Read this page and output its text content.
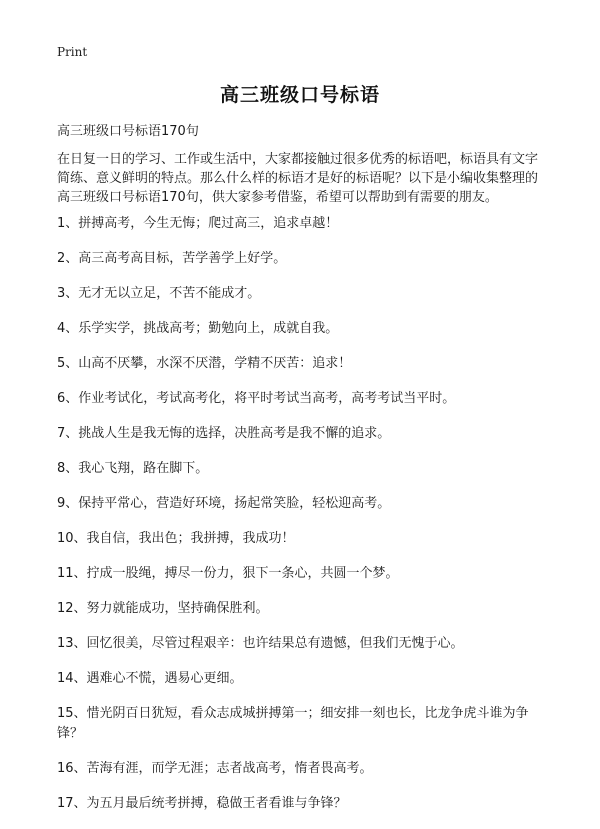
Print
高三班级口号标语
高三班级口号标语170句
在日复一日的学习、工作或生活中，大家都接触过很多优秀的标语吧，标语具有文字简练、意义鲜明的特点。那么什么样的标语才是好的标语呢？以下是小编收集整理的高三班级口号标语170句，供大家参考借鉴，希望可以帮助到有需要的朋友。
1、拼搏高考，今生无悔；爬过高三，追求卓越！
2、高三高考高目标，苦学善学上好学。
3、无才无以立足，不苦不能成才。
4、乐学实学，挑战高考；勤勉向上，成就自我。
5、山高不厌攀，水深不厌潜，学精不厌苦：追求！
6、作业考试化，考试高考化，将平时考试当高考，高考考试当平时。
7、挑战人生是我无悔的选择，决胜高考是我不懈的追求。
8、我心飞翔，路在脚下。
9、保持平常心，营造好环境，扬起常笑脸，轻松迎高考。
10、我自信，我出色；我拼搏，我成功！
11、拧成一股绳，搏尽一份力，狠下一条心，共圆一个梦。
12、努力就能成功，坚持确保胜利。
13、回忆很美，尽管过程艰辛：也许结果总有遗憾，但我们无愧于心。
14、遇难心不慌，遇易心更细。
15、惜光阴百日犹短，看众志成城拼搏第一；细安排一刻也长，比龙争虎斗谁为争锋？
16、苦海有涯，而学无涯；志者战高考，惰者畏高考。
17、为五月最后统考拼搏，稳做王者看谁与争锋？
